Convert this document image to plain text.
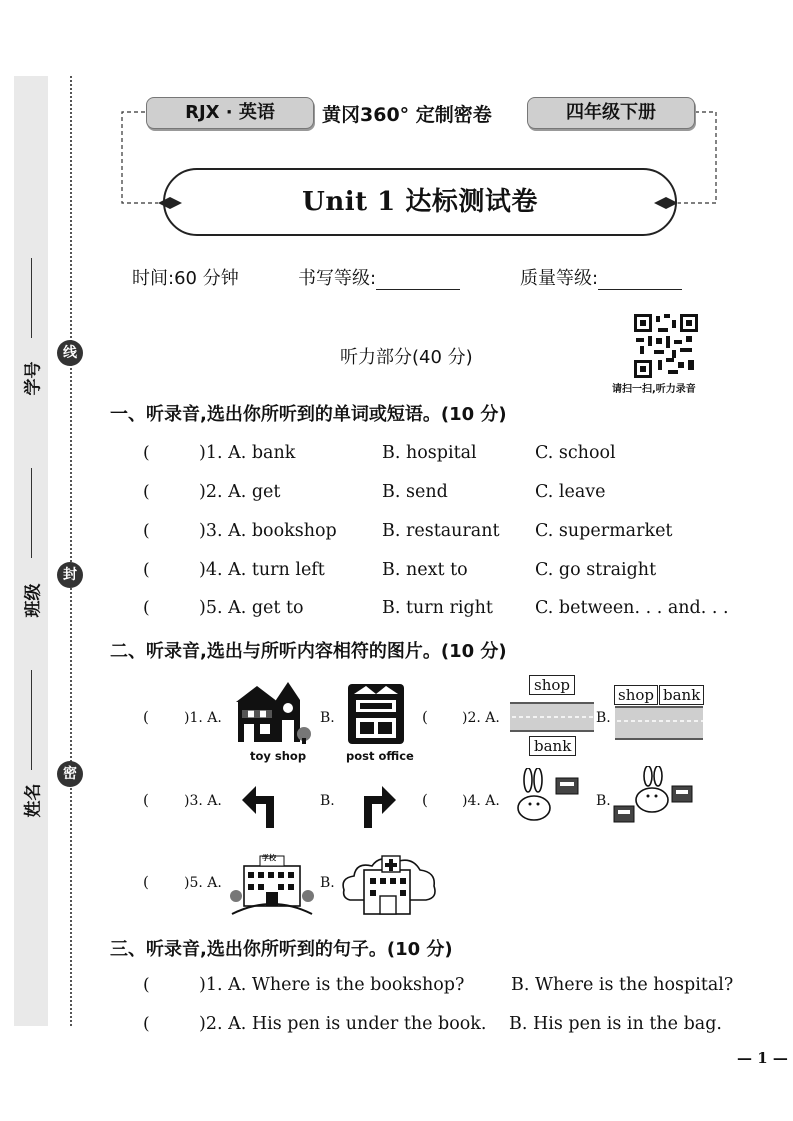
线
封
密
学号
班级
姓名
RJX · 英语	黄冈360° 定制密卷	四年级下册
Unit 1 达标测试卷
时间:60 分钟	书写等级:	质量等级:
听力部分(40 分)
请扫一扫,听力录音
一、听录音,选出你所听到的单词或短语。(10 分)
(	)1. A. bank	B. hospital	C. school
(	)2. A. get	B. send	C. leave
(	)3. A. bookshop	B. restaurant C. supermarket
(	)4. A. turn left	B. next to	C. go straight
(	)5. A. get to	B. turn right C. between. . . and. . .
二、听录音,选出与所听内容相符的图片。(10 分)
(	)1. A.
toy shop
B.
post office
( )2. A.
shop
bank
B.
shop bank
(	)3. A.	B.	( )4. A.	B.
(	)5. A.
学校
B.
三、听录音,选出你所听到的句子。(10 分)
(	)1. A. Where is the bookshop?	B. Where is the hospital?
(	)2. A. His pen is under the book. B. His pen is in the bag.
— 1 —
